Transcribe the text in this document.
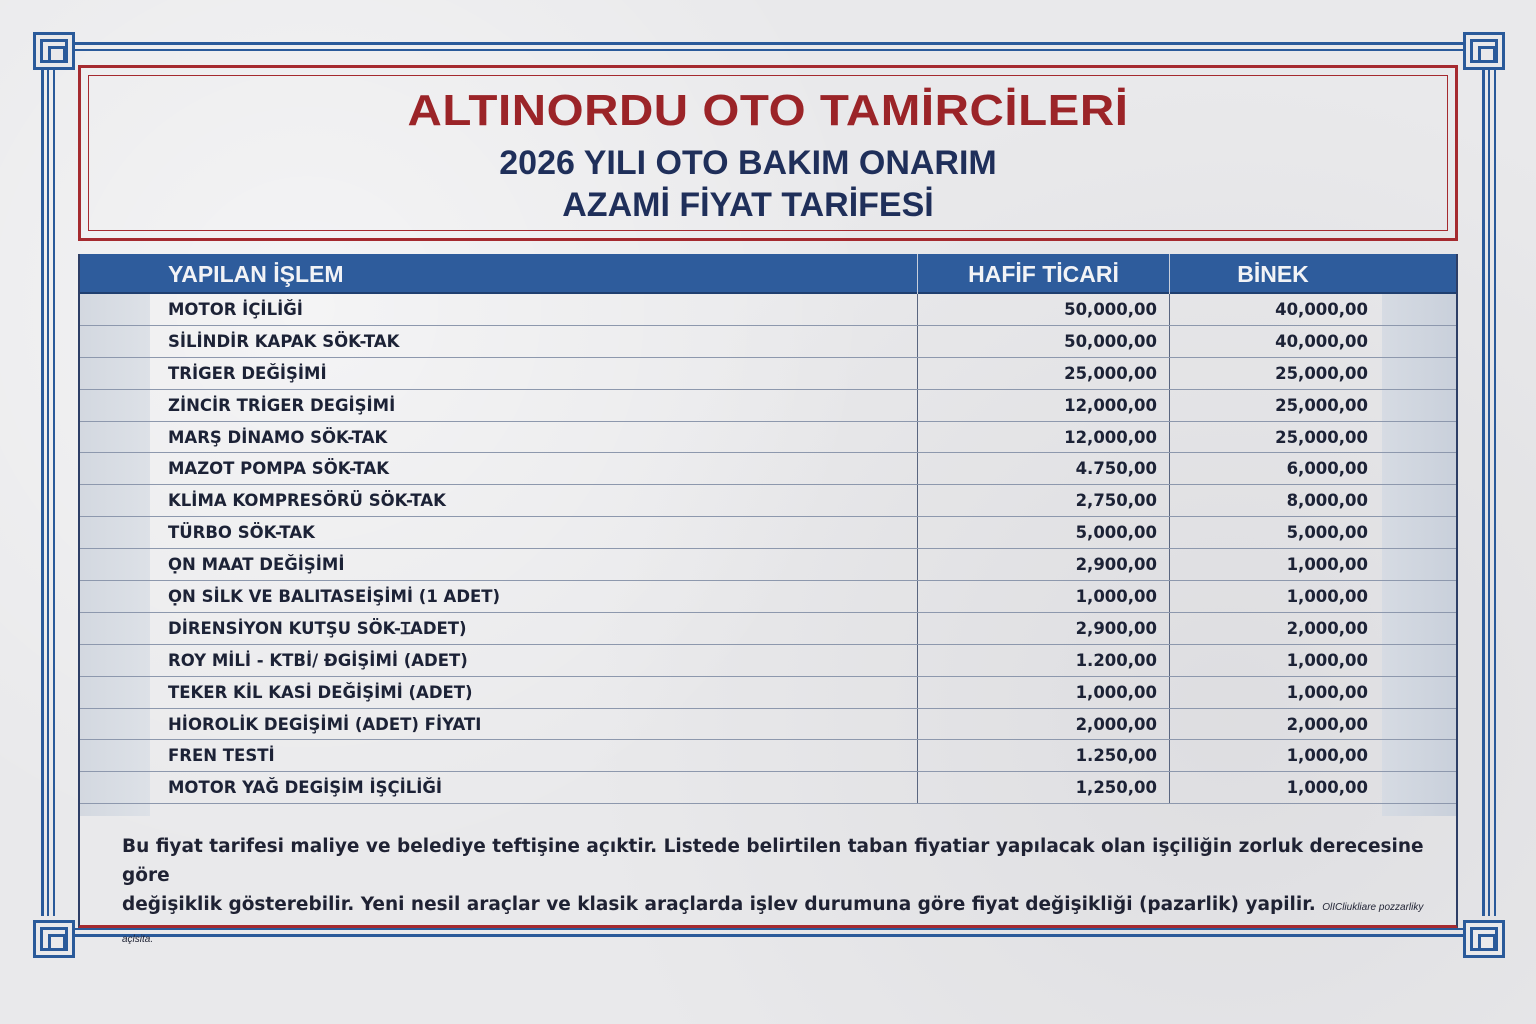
ALTINORDU OTO TAMİRCİLERİ
2026 YILI OTO BAKIM ONARIM
AZAMİ FİYAT TARİFESİ
YAPILAN İŞLEM	HAFİF TİCARİ	BİNEK
MOTOR İÇİLİĞİ	50,000,00	40,000,00
SİLİNDİR KAPAK SÖK-TAK	50,000,00	40,000,00
TRİGER DEĞİŞİMİ	25,000,00	25,000,00
ZİNCİR TRİGER DEGİŞİMİ	12,000,00	25,000,00
MARŞ DİNAMO SÖK-TAK	12,000,00	25,000,00
MAZOT POMPA SÖK-TAK	4.750,00	6,000,00
KLİMA KOMPRESÖRÜ SÖK-TAK	2,750,00	8,000,00
TÜRBO SÖK-TAK	5,000,00	5,000,00
ỌN MAAT DEĞİŞİMİ	2,900,00	1,000,00
ỌN SİLK VE BALITASEİŞİMİ (1 ADET)	1,000,00	1,000,00
DİRENSİYON KUTŞU SÖK-ꞮADET)	2,900,00	2,000,00
ROY MİLİ - KTBİ/ ĐGİŞİMİ (ADET)	1.200,00	1,000,00
TEKER KİL KASİ DEĞİŞİMİ (ADET)	1,000,00	1,000,00
HİOROLİK DEGİŞİMİ (ADET) FİYATI	2,000,00	2,000,00
FREN TESTİ	1.250,00	1,000,00
MOTOR YAĞ DEGİŞİM İŞÇİLİĞİ	1,250,00	1,000,00
Bu fiyat tarifesi maliye ve belediye teftişine açıktir. Listede belirtilen taban fiyatiar yapılacak olan işçiliğin zorluk derecesine göre
değişiklik gösterebilir. Yeni nesil araçlar ve klasik araçlarda işlev durumuna göre fiyat değişikliği (pazarlik) yapilir. OlICliukliare pozzarliky açlsita.
